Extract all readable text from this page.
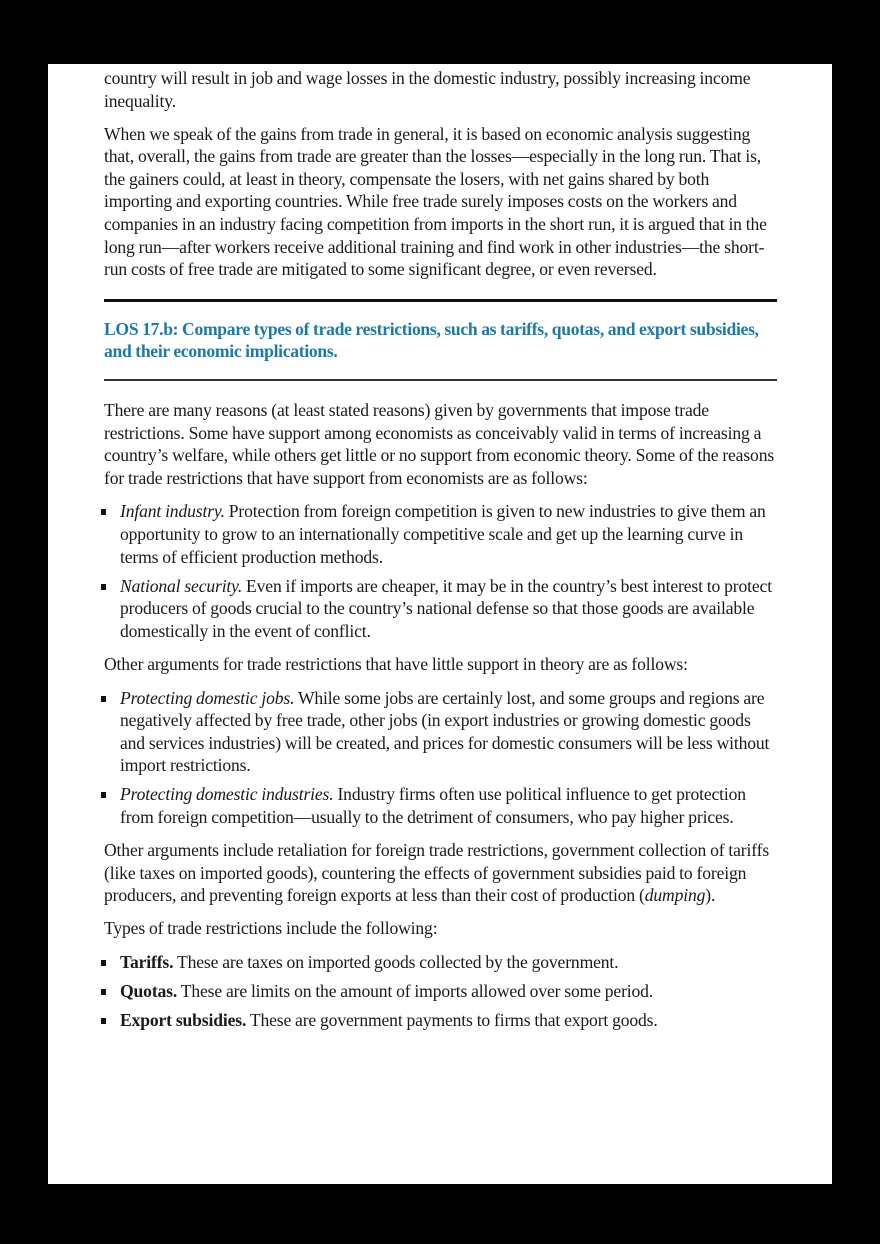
country will result in job and wage losses in the domestic industry, possibly increasing income inequality.

When we speak of the gains from trade in general, it is based on economic analysis suggesting that, overall, the gains from trade are greater than the losses—especially in the long run. That is, the gainers could, at least in theory, compensate the losers, with net gains shared by both importing and exporting countries. While free trade surely imposes costs on the workers and companies in an industry facing competition from imports in the short run, it is argued that in the long run—after workers receive additional training and find work in other industries—the short-run costs of free trade are mitigated to some significant degree, or even reversed.

LOS 17.b: Compare types of trade restrictions, such as tariffs, quotas, and export subsidies, and their economic implications.

There are many reasons (at least stated reasons) given by governments that impose trade restrictions. Some have support among economists as conceivably valid in terms of increasing a country’s welfare, while others get little or no support from economic theory. Some of the reasons for trade restrictions that have support from economists are as follows:

Infant industry. Protection from foreign competition is given to new industries to give them an opportunity to grow to an internationally competitive scale and get up the learning curve in terms of efficient production methods.
National security. Even if imports are cheaper, it may be in the country’s best interest to protect producers of goods crucial to the country’s national defense so that those goods are available domestically in the event of conflict.

Other arguments for trade restrictions that have little support in theory are as follows:

Protecting domestic jobs. While some jobs are certainly lost, and some groups and regions are negatively affected by free trade, other jobs (in export industries or growing domestic goods and services industries) will be created, and prices for domestic consumers will be less without import restrictions.
Protecting domestic industries. Industry firms often use political influence to get protection from foreign competition—usually to the detriment of consumers, who pay higher prices.

Other arguments include retaliation for foreign trade restrictions, government collection of tariffs (like taxes on imported goods), countering the effects of government subsidies paid to foreign producers, and preventing foreign exports at less than their cost of production (dumping).

Types of trade restrictions include the following:

Tariffs. These are taxes on imported goods collected by the government.
Quotas. These are limits on the amount of imports allowed over some period.
Export subsidies. These are government payments to firms that export goods.
